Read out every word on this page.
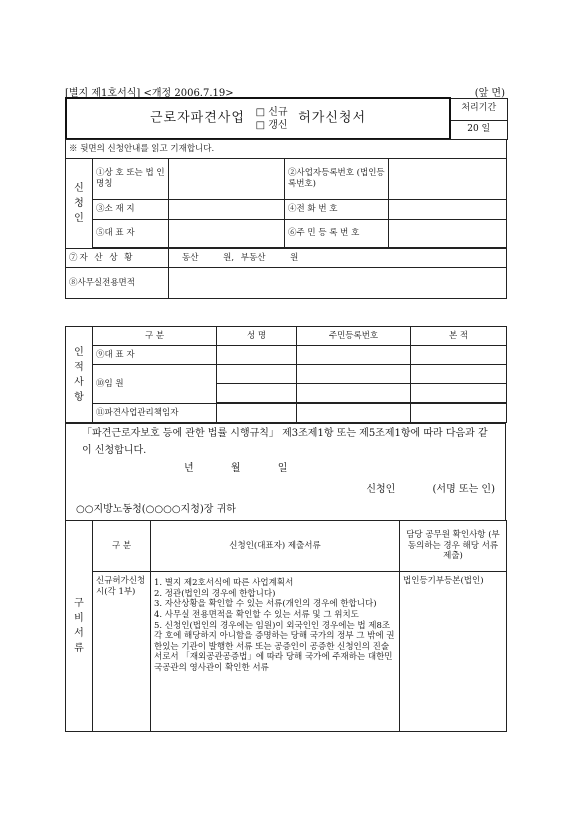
[별지 제1호서식] <개정 2006.7.19>	(앞 면)
근로자파견사업 □ 신규
□ 갱신 허가신청서	처리기간
20 일
※ 뒷면의 신청안내를 읽고 기재합니다.				
신청인	①상 호 또는 법 인 명칭		②사업자등록번호 (법인등록번호)	
	③소 재 지		④전 화 번 호	
	⑤대 표 자		⑥주 민 등 록 번 호	

⑦자 산 상 황		동산 원, 부동산 원		
⑧사무실전용면적				
인적사항	구 분	성 명	주민등록번호	본 적
	⑨대 표 자			
	⑩임 원			

	⑪파견사업관리책임자			
「파견근로자보호 등에 관한 법률 시행규칙」 제3조제1항 또는 제5조제1항에 따라 다음과 같이 신청합니다.
년	월	일
신청인	(서명 또는 인)
○○지방노동청(○○○○지청)장 귀하
구비서류	구 분	신청인(대표자) 제출서류	담당 공무원 확인사항 (부동의하는 경우 해당 서류 제출)
	신규허가신청시(각 1부)	1. 별지 제2호서식에 따른 사업계획서
2. 정관(법인의 경우에 한합니다)
3. 자산상황을 확인할 수 있는 서류(개인의 경우에 한합니다)
4. 사무실 전용면적을 확인할 수 있는 서류 및 그 위치도
5. 신청인(법인의 경우에는 임원)이 외국인인 경우에는 법 제8조 각 호에 해당하지 아니함을 증명하는 당해 국가의 정부 그 밖에 권한있는 기관이 발행한 서류 또는 공증인이 공증한 신청인의 진술서로서 「재외공관공증법」에 따라 당해 국가에 주재하는 대한민국공관의 영사관이 확인한 서류	법인등기부등본(법인)
